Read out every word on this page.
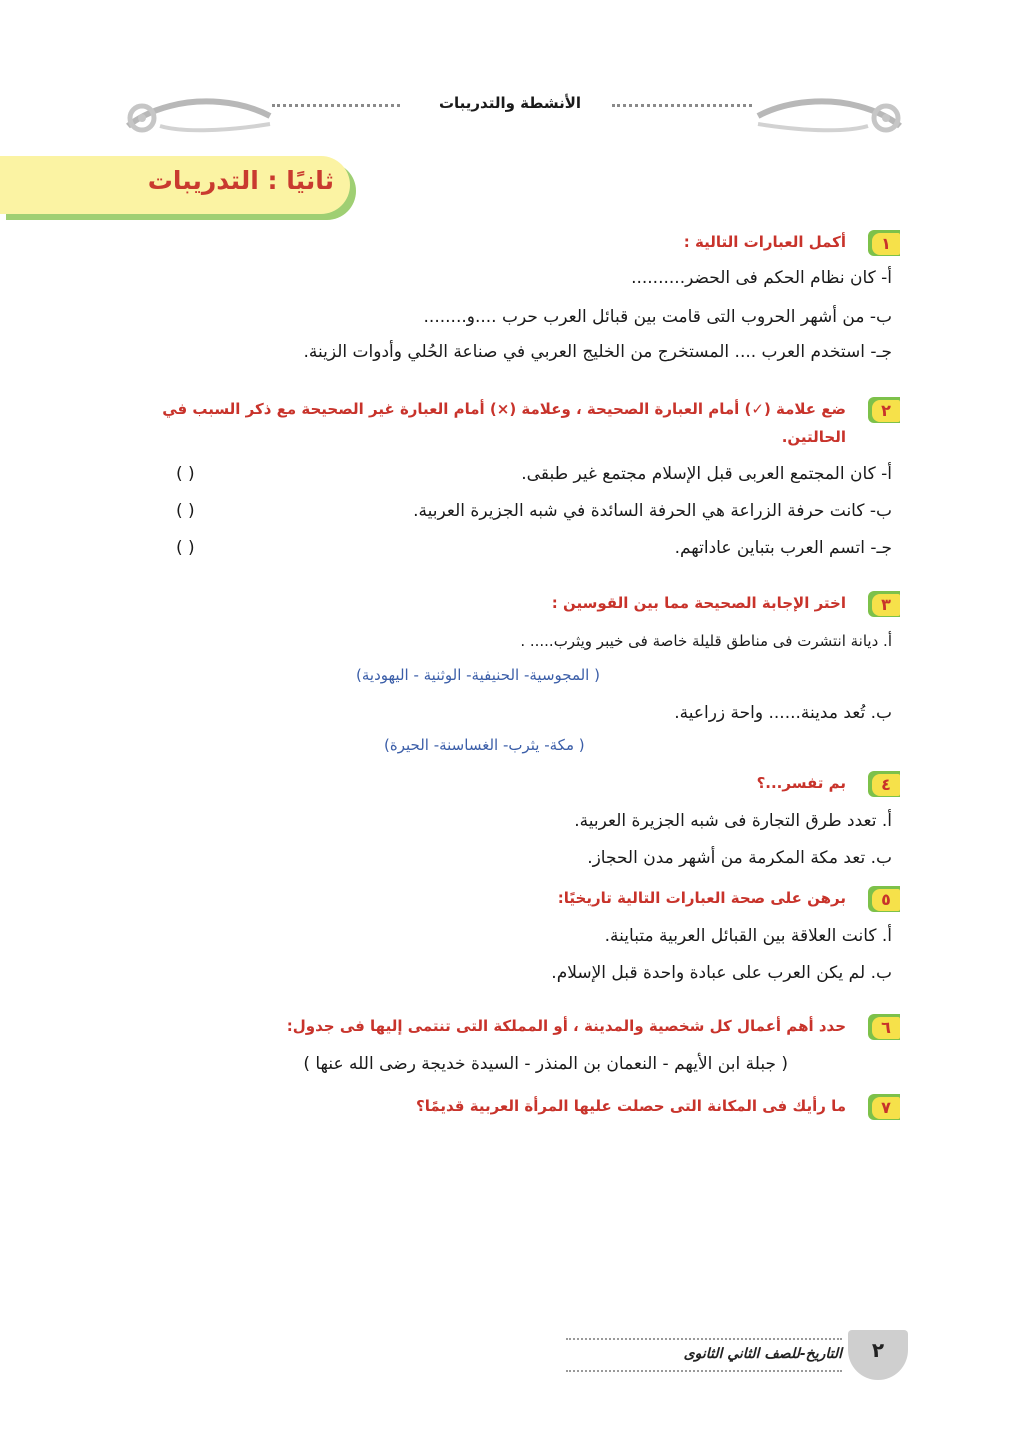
الأنشطة والتدريبات
ثانيًا : التدريبات
١
أكمل العبارات التالية :
أ- كان نظام الحكم فى الحضر..........
ب- من أشهر الحروب التى قامت بين قبائل العرب حرب ....و........
جـ- استخدم العرب .... المستخرج من الخليج العربي في صناعة الحُلي وأدوات الزينة.
٢
ضع علامة (✓) أمام العبارة الصحيحة ، وعلامة (×) أمام العبارة غير الصحيحة مع ذكر السبب في
الحالتين.
أ- كان المجتمع العربى قبل الإسلام مجتمع غير طبقى.
( )
ب- كانت حرفة الزراعة هي الحرفة السائدة في شبه الجزيرة العربية.
( )
جـ- اتسم العرب بتباين عاداتهم.
( )
٣
اختر الإجابة الصحيحة مما بين القوسين :
أ. ديانة انتشرت فى مناطق قليلة خاصة فى خيبر ويثرب..... .
( المجوسية- الحنيفية- الوثنية - اليهودية)
ب. تُعد مدينة...... واحة زراعية.
( مكة- يثرب- الغساسنة- الحيرة)
٤
بم تفسر...؟
أ. تعدد طرق التجارة فى شبه الجزيرة العربية.
ب. تعد مكة المكرمة من أشهر مدن الحجاز.
٥
برهن على صحة العبارات التالية تاريخيًا:
أ. كانت العلاقة بين القبائل العربية متباينة.
ب. لم يكن العرب على عبادة واحدة قبل الإسلام.
٦
حدد أهم أعمال كل شخصية والمدينة ، أو المملكة التى تنتمى إليها فى جدول:
( جبلة ابن الأيهم - النعمان بن المنذر - السيدة خديجة رضى الله عنها )
٧
ما رأيك فى المكانة التى حصلت عليها المرأة العربية قديمًا؟
التاريخ-للصف الثاني الثانوى	٢
